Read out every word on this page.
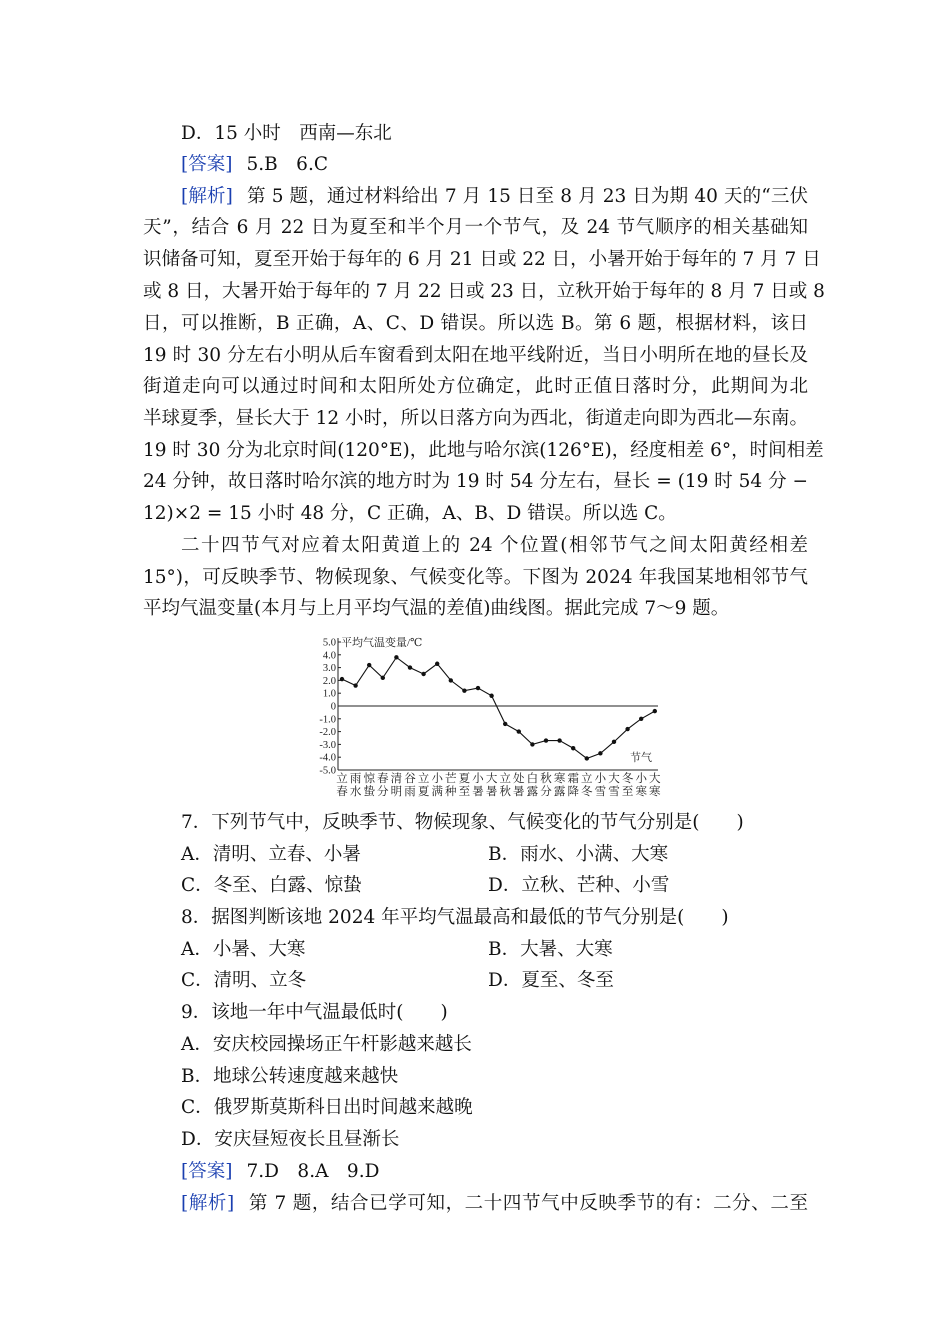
D．15 小时　西南—东北
[答案] 5.B　6.C
[解析] 第 5 题，通过材料给出 7 月 15 日至 8 月 23 日为期 40 天的“三伏
天”，结合 6 月 22 日为夏至和半个月一个节气，及 24 节气顺序的相关基础知
识储备可知，夏至开始于每年的 6 月 21 日或 22 日，小暑开始于每年的 7 月 7 日
或 8 日，大暑开始于每年的 7 月 22 日或 23 日，立秋开始于每年的 8 月 7 日或 8
日，可以推断，B 正确，A、C、D 错误。所以选 B。第 6 题，根据材料，该日
19 时 30 分左右小明从后车窗看到太阳在地平线附近，当日小明所在地的昼长及
街道走向可以通过时间和太阳所处方位确定，此时正值日落时分，此期间为北
半球夏季，昼长大于 12 小时，所以日落方向为西北，街道走向即为西北—东南。
19 时 30 分为北京时间(120°E)，此地与哈尔滨(126°E)，经度相差 6°，时间相差
24 分钟，故日落时哈尔滨的地方时为 19 时 54 分左右，昼长 = (19 时 54 分 −
12)×2 = 15 小时 48 分，C 正确，A、B、D 错误。所以选 C。
二十四节气对应着太阳黄道上的 24 个位置(相邻节气之间太阳黄经相差
15°)，可反映季节、物候现象、气候变化等。下图为 2024 年我国某地相邻节气
平均气温变量(本月与上月平均气温的差值)曲线图。据此完成 7～9 题。
5.0
4.0
3.0
2.0
1.0
0
-1.0
-2.0
-3.0
-4.0
-5.0
平均气温变量/℃
节气
立
春
雨
水
惊
蛰
春
分
清
明
谷
雨
立
夏
小
满
芒
种
夏
至
小
暑
大
暑
立
秋
处
暑
白
露
秋
分
寒
露
霜
降
立
冬
小
雪
大
雪
冬
至
小
寒
大
寒
7．下列节气中，反映季节、物候现象、气候变化的节气分别是(　　)
A．清明、立春、小暑	B．雨水、小满、大寒
C．冬至、白露、惊蛰	D．立秋、芒种、小雪
8．据图判断该地 2024 年平均气温最高和最低的节气分别是(　　)
A．小暑、大寒	B．大暑、大寒
C．清明、立冬	D．夏至、冬至
9．该地一年中气温最低时(　　)
A．安庆校园操场正午杆影越来越长
B．地球公转速度越来越快
C．俄罗斯莫斯科日出时间越来越晚
D．安庆昼短夜长且昼渐长
[答案] 7.D　8.A　9.D
[解析] 第 7 题，结合已学可知，二十四节气中反映季节的有：二分、二至
